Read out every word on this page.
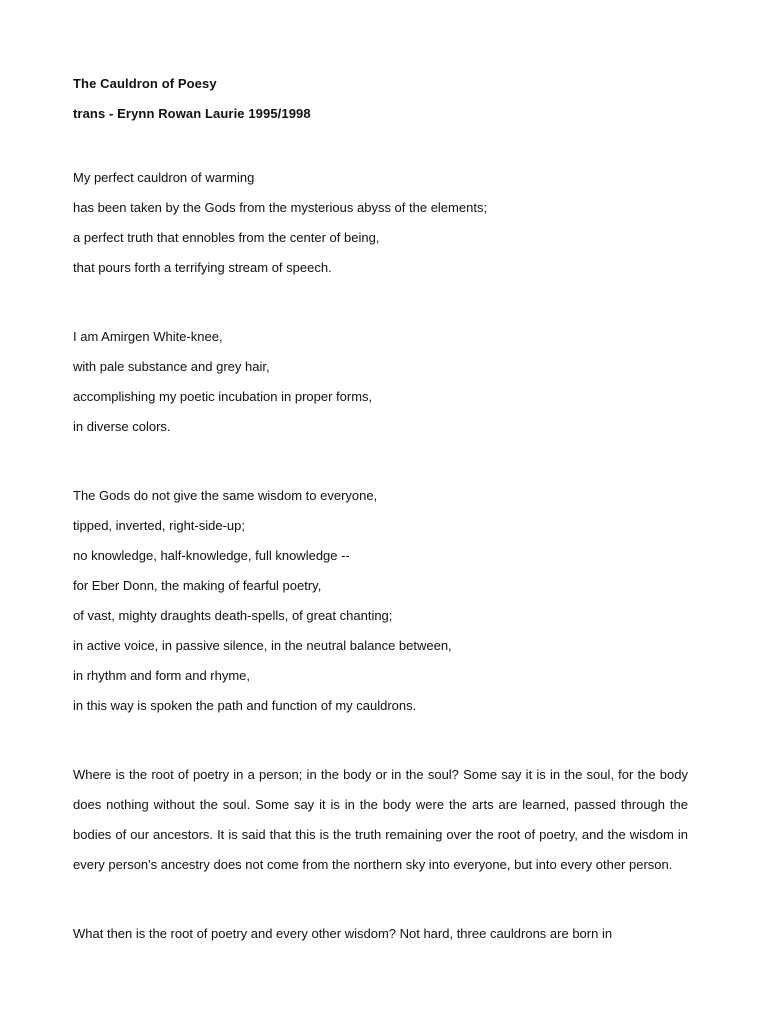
The Cauldron of Poesy

trans - Erynn Rowan Laurie 1995/1998

My perfect cauldron of warming

has been taken by the Gods from the mysterious abyss of the elements;

a perfect truth that ennobles from the center of being,

that pours forth a terrifying stream of speech.

I am Amirgen White-knee,

with pale substance and grey hair,

accomplishing my poetic incubation in proper forms,

in diverse colors.

The Gods do not give the same wisdom to everyone,

tipped, inverted, right-side-up;

no knowledge, half-knowledge, full knowledge --

for Eber Donn, the making of fearful poetry,

of vast, mighty draughts death-spells, of great chanting;

in active voice, in passive silence, in the neutral balance between,

in rhythm and form and rhyme,

in this way is spoken the path and function of my cauldrons.

Where is the root of poetry in a person; in the body or in the soul? Some say it is in the soul, for the body does nothing without the soul. Some say it is in the body were the arts are learned, passed through the bodies of our ancestors. It is said that this is the truth remaining over the root of poetry, and the wisdom in every person's ancestry does not come from the northern sky into everyone, but into every other person.

What then is the root of poetry and every other wisdom? Not hard, three cauldrons are born in
